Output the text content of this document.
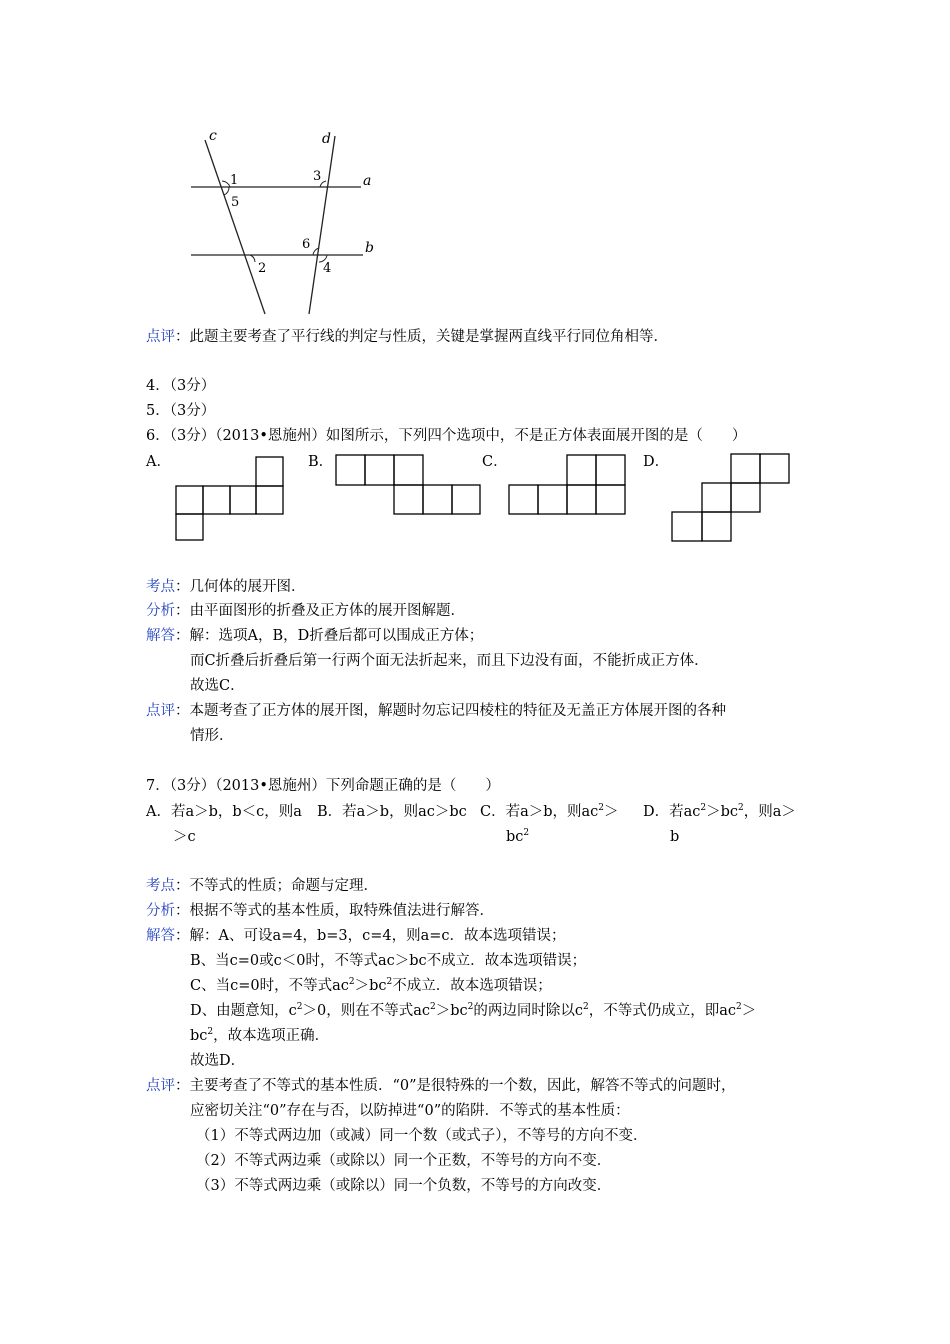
c	d
a
b
1
5
3
6
4
2
点评：此题主要考查了平行线的判定与性质，关键是掌握两直线平行同位角相等．
4．（3分）
5．（3分）
6．（3分）（2013•恩施州）如图所示，下列四个选项中，不是正方体表面展开图的是（　　）
A．	B．	C．	D．
考点：几何体的展开图．
分析：由平面图形的折叠及正方体的展开图解题．
解答：解：选项A，B，D折叠后都可以围成正方体；
而C折叠后折叠后第一行两个面无法折起来，而且下边没有面，不能折成正方体．
故选C．
点评：本题考查了正方体的展开图，解题时勿忘记四棱柱的特征及无盖正方体展开图的各种
情形．
7．（3分）（2013•恩施州）下列命题正确的是（　　）
A．若a＞b，b＜c，则a
＞c
B．若a＞b，则ac＞bc C．若a＞b，则$ac^2>$
$bc^2$
D．若$ac^2>bc^2$，则a＞
b
考点：不等式的性质；命题与定理．
分析：根据不等式的基本性质，取特殊值法进行解答．
解答：解：A、可设a=4，b=3，c=4，则a=c．故本选项错误；
B、当c=0或c＜0时，不等式ac＞bc不成立．故本选项错误；
C、当c=0时，不等式$ac^2>bc^2$不成立．故本选项错误；
D、由题意知，$c^2>0$，则在不等式$ac^2>bc^2$的两边同时除以$c^2$，不等式仍成立，即$ac^2>$
$bc^2$，故本选项正确．
故选D．
点评：主要考查了不等式的基本性质．“0”是很特殊的一个数，因此，解答不等式的问题时，
应密切关注“0”存在与否，以防掉进“0”的陷阱．不等式的基本性质：
（1）不等式两边加（或减）同一个数（或式子），不等号的方向不变．
（2）不等式两边乘（或除以）同一个正数，不等号的方向不变．
（3）不等式两边乘（或除以）同一个负数，不等号的方向改变．
